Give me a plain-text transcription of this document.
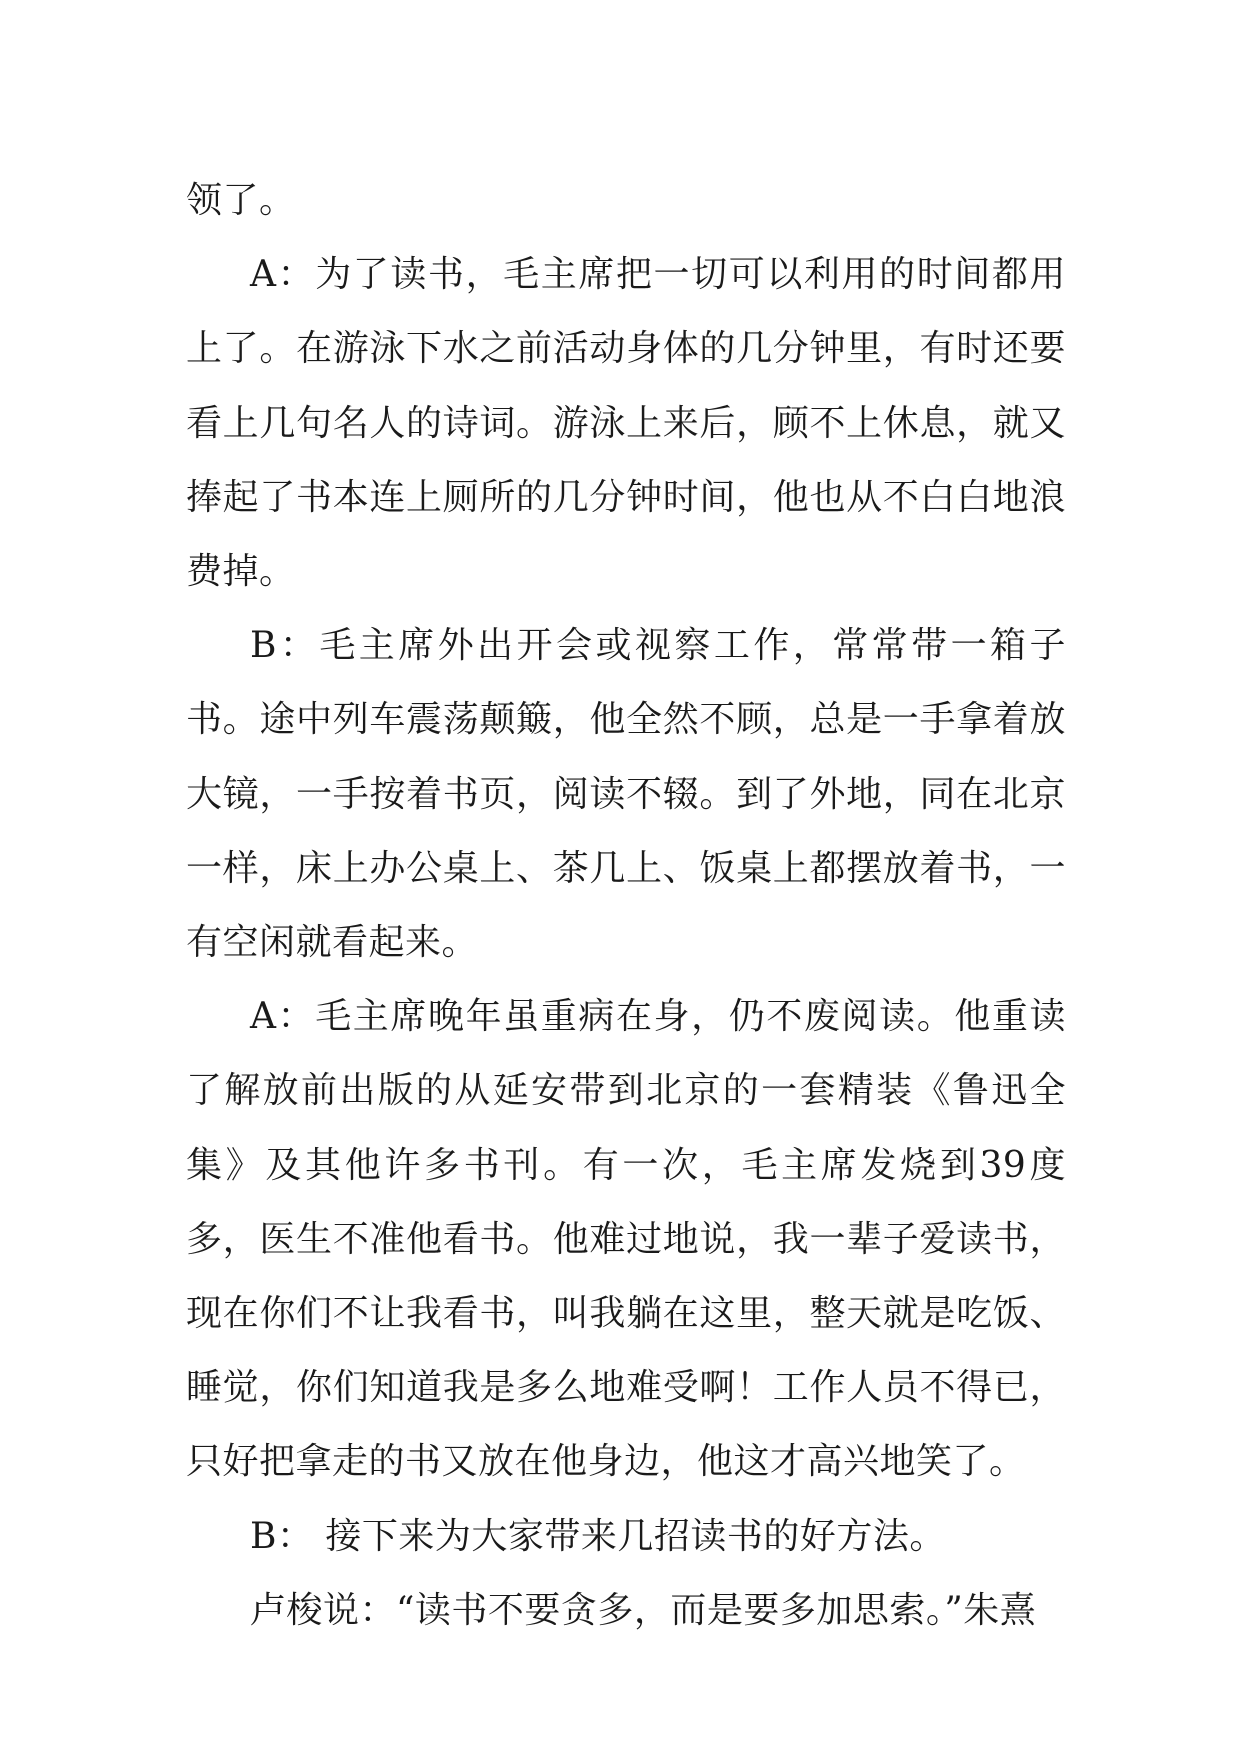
领了。

A：为了读书，毛主席把一切可以利用的时间都用上了。在游泳下水之前活动身体的几分钟里，有时还要看上几句名人的诗词。游泳上来后，顾不上休息，就又捧起了书本连上厕所的几分钟时间，他也从不白白地浪费掉。

B：毛主席外出开会或视察工作，常常带一箱子书。途中列车震荡颠簸，他全然不顾，总是一手拿着放大镜，一手按着书页，阅读不辍。到了外地，同在北京一样，床上办公桌上、茶几上、饭桌上都摆放着书，一有空闲就看起来。

A：毛主席晚年虽重病在身，仍不废阅读。他重读了解放前出版的从延安带到北京的一套精装《鲁迅全集》及其他许多书刊。有一次，毛主席发烧到39度多，医生不准他看书。他难过地说，我一辈子爱读书，现在你们不让我看书，叫我躺在这里，整天就是吃饭、睡觉，你们知道我是多么地难受啊！工作人员不得已，只好把拿走的书又放在他身边，他这才高兴地笑了。

B： 接下来为大家带来几招读书的好方法。

卢梭说：“读书不要贪多，而是要多加思索。”朱熹
